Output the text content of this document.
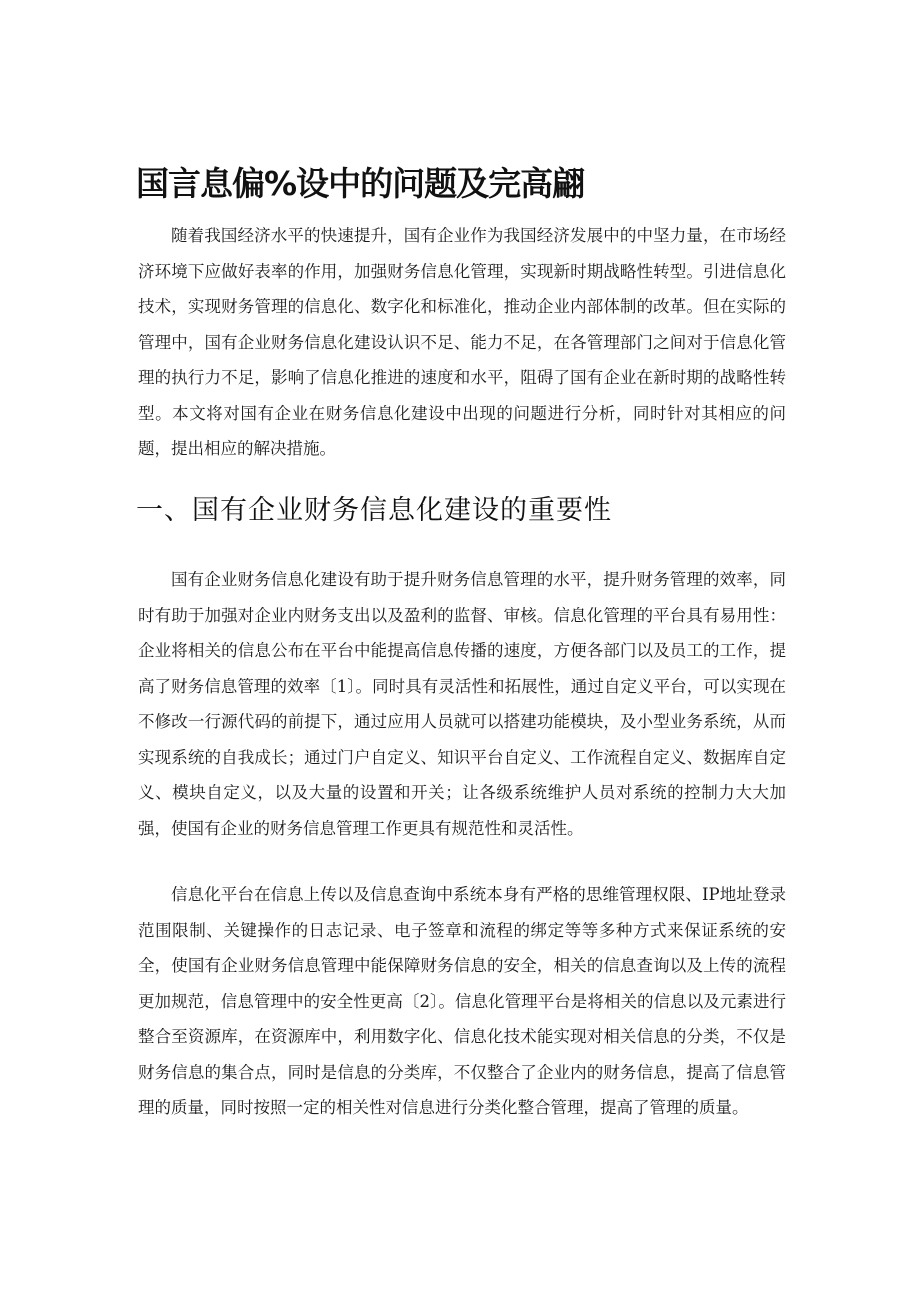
国言息偏%设中的问题及完高翩

随着我国经济水平的快速提升，国有企业作为我国经济发展中的中坚力量，在市场经济环境下应做好表率的作用，加强财务信息化管理，实现新时期战略性转型。引进信息化技术，实现财务管理的信息化、数字化和标准化，推动企业内部体制的改革。但在实际的管理中，国有企业财务信息化建设认识不足、能力不足，在各管理部门之间对于信息化管理的执行力不足，影响了信息化推进的速度和水平，阻碍了国有企业在新时期的战略性转型。本文将对国有企业在财务信息化建设中出现的问题进行分析，同时针对其相应的问题，提出相应的解决措施。

一、国有企业财务信息化建设的重要性

国有企业财务信息化建设有助于提升财务信息管理的水平，提升财务管理的效率，同时有助于加强对企业内财务支出以及盈利的监督、审核。信息化管理的平台具有易用性：企业将相关的信息公布在平台中能提高信息传播的速度，方便各部门以及员工的工作，提高了财务信息管理的效率〔1〕。同时具有灵活性和拓展性，通过自定义平台，可以实现在不修改一行源代码的前提下，通过应用人员就可以搭建功能模块，及小型业务系统，从而实现系统的自我成长；通过门户自定义、知识平台自定义、工作流程自定义、数据库自定义、模块自定义，以及大量的设置和开关；让各级系统维护人员对系统的控制力大大加强，使国有企业的财务信息管理工作更具有规范性和灵活性。

信息化平台在信息上传以及信息查询中系统本身有严格的思维管理权限、IP地址登录范围限制、关键操作的日志记录、电子签章和流程的绑定等等多种方式来保证系统的安全，使国有企业财务信息管理中能保障财务信息的安全，相关的信息查询以及上传的流程更加规范，信息管理中的安全性更高〔2〕。信息化管理平台是将相关的信息以及元素进行整合至资源库，在资源库中，利用数字化、信息化技术能实现对相关信息的分类，不仅是财务信息的集合点，同时是信息的分类库，不仅整合了企业内的财务信息，提高了信息管理的质量，同时按照一定的相关性对信息进行分类化整合管理，提高了管理的质量。
